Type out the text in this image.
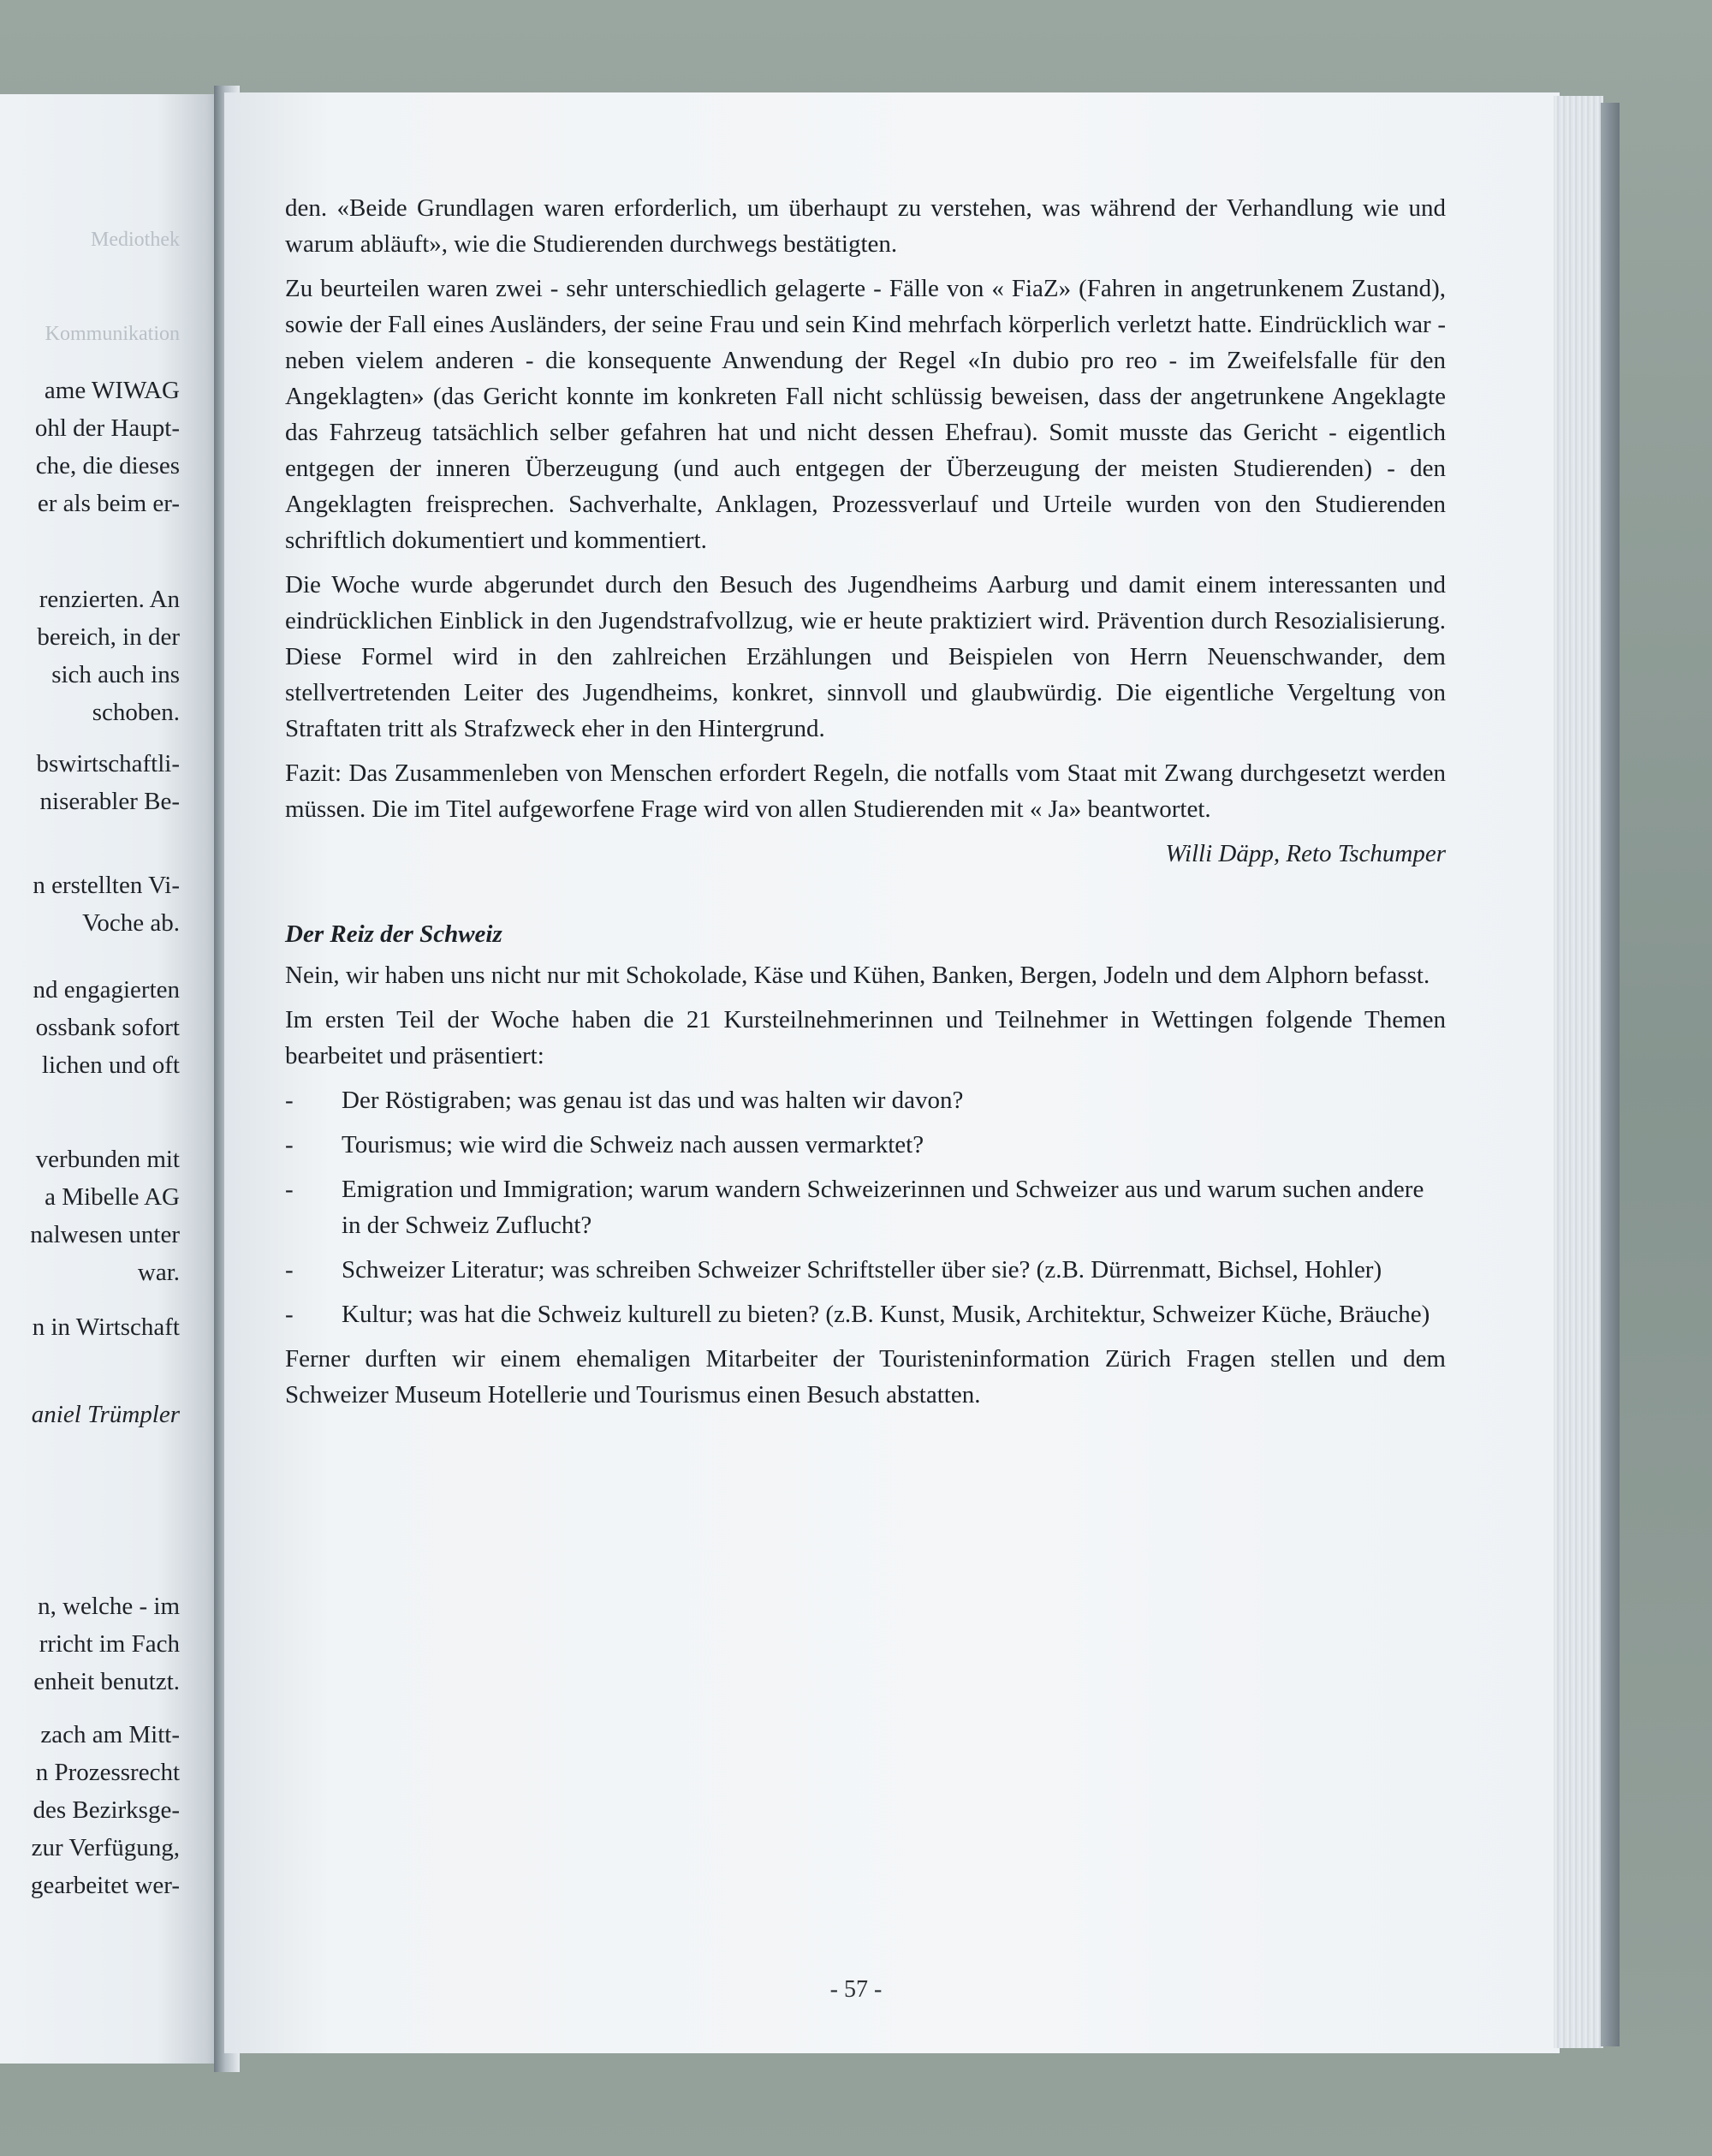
Mediothek
Kommunikation
ame WIWAG
ohl der Haupt-
che, die dieses
er als beim er-
renzierten. An
bereich, in der
sich auch ins
schoben.
bswirtschaftli-
niserabler Be-
n erstellten Vi-
Voche ab.
nd engagierten
ossbank sofort
lichen und oft
verbunden mit
a Mibelle AG
nalwesen unter
war.
n in Wirtschaft
aniel Trümpler
n, welche - im
rricht im Fach
enheit benutzt.
zach am Mitt-
n Prozessrecht
des Bezirksge-
zur Verfügung,
gearbeitet wer-

den. «Beide Grundlagen waren erforderlich, um überhaupt zu verstehen, was während der Verhandlung wie und warum abläuft», wie die Studierenden durchwegs bestätigten.

Zu beurteilen waren zwei - sehr unterschiedlich gelagerte - Fälle von « FiaZ» (Fahren in angetrunkenem Zustand), sowie der Fall eines Ausländers, der seine Frau und sein Kind mehrfach körperlich verletzt hatte. Eindrücklich war - neben vielem anderen - die konsequente Anwendung der Regel «In dubio pro reo - im Zweifelsfalle für den Angeklagten» (das Gericht konnte im konkreten Fall nicht schlüssig beweisen, dass der angetrunkene Angeklagte das Fahrzeug tatsächlich selber gefahren hat und nicht dessen Ehefrau). Somit musste das Gericht - eigentlich entgegen der inneren Überzeugung (und auch entgegen der Überzeugung der meisten Studierenden) - den Angeklagten freisprechen. Sachverhalte, Anklagen, Prozessverlauf und Urteile wurden von den Studierenden schriftlich dokumentiert und kommentiert.

Die Woche wurde abgerundet durch den Besuch des Jugendheims Aarburg und damit einem interessanten und eindrücklichen Einblick in den Jugendstrafvollzug, wie er heute praktiziert wird. Prävention durch Resozialisierung. Diese Formel wird in den zahlreichen Erzählungen und Beispielen von Herrn Neuenschwander, dem stellvertretenden Leiter des Jugendheims, konkret, sinnvoll und glaubwürdig. Die eigentliche Vergeltung von Straftaten tritt als Strafzweck eher in den Hintergrund.

Fazit: Das Zusammenleben von Menschen erfordert Regeln, die notfalls vom Staat mit Zwang durchgesetzt werden müssen. Die im Titel aufgeworfene Frage wird von allen Studierenden mit « Ja» beantwortet.

Willi Däpp, Reto Tschumper
Der Reiz der Schweiz

Nein, wir haben uns nicht nur mit Schokolade, Käse und Kühen, Banken, Bergen, Jodeln und dem Alphorn befasst.

Im ersten Teil der Woche haben die 21 Kursteilnehmerinnen und Teilnehmer in Wettingen folgende Themen bearbeitet und präsentiert:

- Der Röstigraben; was genau ist das und was halten wir davon?
- Tourismus; wie wird die Schweiz nach aussen vermarktet?
- Emigration und Immigration; warum wandern Schweizerinnen und Schweizer aus und warum suchen andere in der Schweiz Zuflucht?
- Schweizer Literatur; was schreiben Schweizer Schriftsteller über sie? (z.B. Dürrenmatt, Bichsel, Hohler)
- Kultur; was hat die Schweiz kulturell zu bieten? (z.B. Kunst, Musik, Architektur, Schweizer Küche, Bräuche)

Ferner durften wir einem ehemaligen Mitarbeiter der Touristeninformation Zürich Fragen stellen und dem Schweizer Museum Hotellerie und Tourismus einen Besuch abstatten.

- 57 -
